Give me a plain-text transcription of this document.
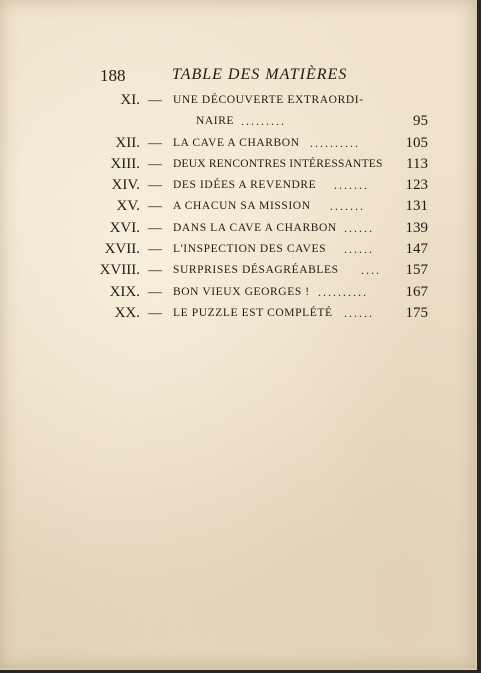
188	TABLE DES MATIÈRES
XI. — UNE DÉCOUVERTE EXTRAORDI-
NAIRE .........	95
XII. — LA CAVE A CHARBON ..........	105
XIII. — DEUX RENCONTRES INTÉRESSANTES 113
XIV. — DES IDÉES A REVENDRE ....... 123
XV. — A CHACUN SA MISSION .......	131
XVI. — DANS LA CAVE A CHARBON ...... 139
XVII. — L'INSPECTION DES CAVES ...... 147
XVIII. — SURPRISES DÉSAGRÉABLES .... 157
XIX. — BON VIEUX GEORGES ! ..........	167
XX. — LE PUZZLE EST COMPLÉTÉ ...... 175
